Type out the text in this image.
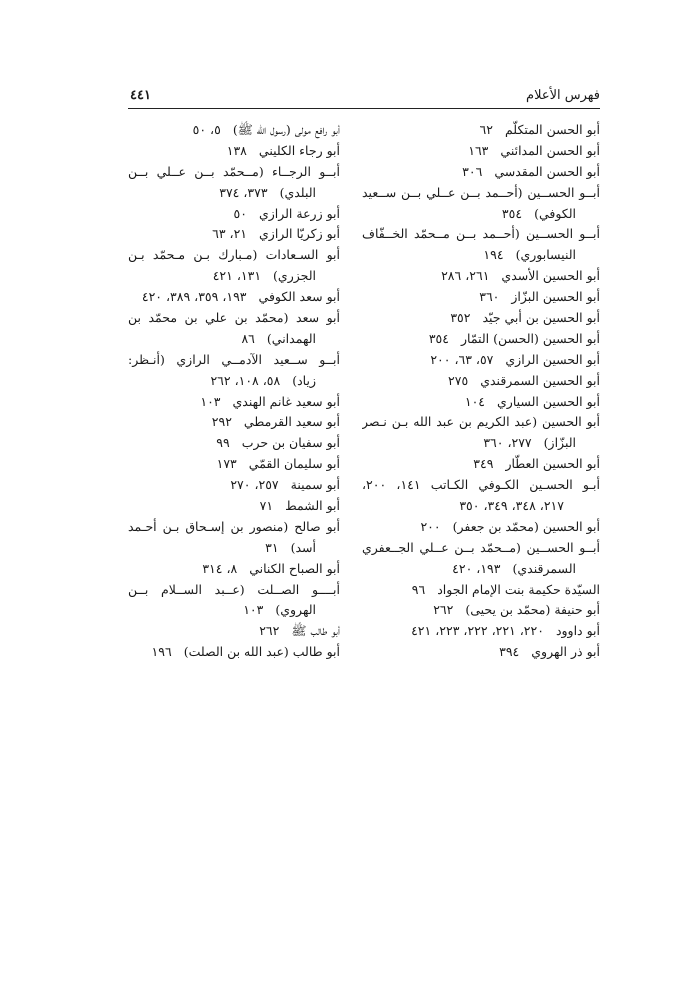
فهرس الأعلام
٤٤١
أبو الحسن المتكلّم٦٢
أبو الحسن المدائني١٦٣
أبو الحسن المقدسي٣٠٦
أبــو الحســين (أحــمد بــن عــلي بــن ســعيد
الكوفي)٣٥٤
أبــو الحســين (أحــمد بــن مــحمّد الخــفّاف
النيسابوري)١٩٤
أبو الحسين الأسدي٢٦١، ٢٨٦
أبو الحسين البزّاز٣٦٠
أبو الحسين بن أبي جيّد٣٥٢
أبو الحسين (الحسن) التمّار٣٥٤
أبو الحسين الرازي٥٧، ٦٣، ٢٠٠
أبو الحسين السمرقندي٢٧٥
أبو الحسين السياري١٠٤
أبو الحسين (عبد الكريم بن عبد الله بـن نـصر
البزّاز)٢٧٧، ٣٦٠
أبو الحسين العطّار٣٤٩
أبـو الحسـين الكـوفي الكـاتب ١٤١، ٢٠٠،
٢١٧، ٣٤٨، ٣٤٩، ٣٥٠
أبو الحسين (محمّد بن جعفر)٢٠٠
أبــو الحســين (مــحمّد بــن عــلي الجــعفري
السمرقندي)١٩٣، ٤٢٠
السيّدة حكيمة بنت الإمام الجواد٩٦
أبو حنيفة (محمّد بن يحيى)٢٦٢
أبو داوود٢٢٠، ٢٢١، ٢٢٢، ٢٢٣، ٤٢١
أبو ذر الهروي٣٩٤
أبو رافع مولى (رسول الله ﷺ)٥، ٥٠
أبو رجاء الكليني١٣٨
أبــو الرجــاء (مــحمّد بــن عــلي بــن
البلدي)٣٧٣، ٣٧٤
أبو زرعة الرازي٥٠
أبو زكريّا الرازي٢١، ٦٣
أبو السـعادات (مـبارك بـن مـحمّد بـن
الجزري)١٣١، ٤٢١
أبو سعد الكوفي١٩٣، ٣٥٩، ٣٨٩، ٤٢٠
أبو سعد (محمّد بن علي بن محمّد بن
الهمداني)٨٦
أبــو ســعيد الآدمــي الرازي (أنـظر:
زياد)٥٨، ١٠٨، ٢٦٢
أبو سعيد غانم الهندي١٠٣
أبو سعيد القرمطي٢٩٢
أبو سفيان بن حرب٩٩
أبو سليمان القمّي١٧٣
أبو سمينة٢٥٧، ٢٧٠
أبو الشمط٧١
أبو صالح (منصور بن إسـحاق بـن أحـمد
أسد)٣١
أبو الصباح الكناني٨، ٣١٤
أبــــو الصــلت (عــبد الســلام بــن
الهروي)١٠٣
أبو طالب ﷺ٢٦٢
أبو طالب (عبد الله بن الصلت)١٩٦
